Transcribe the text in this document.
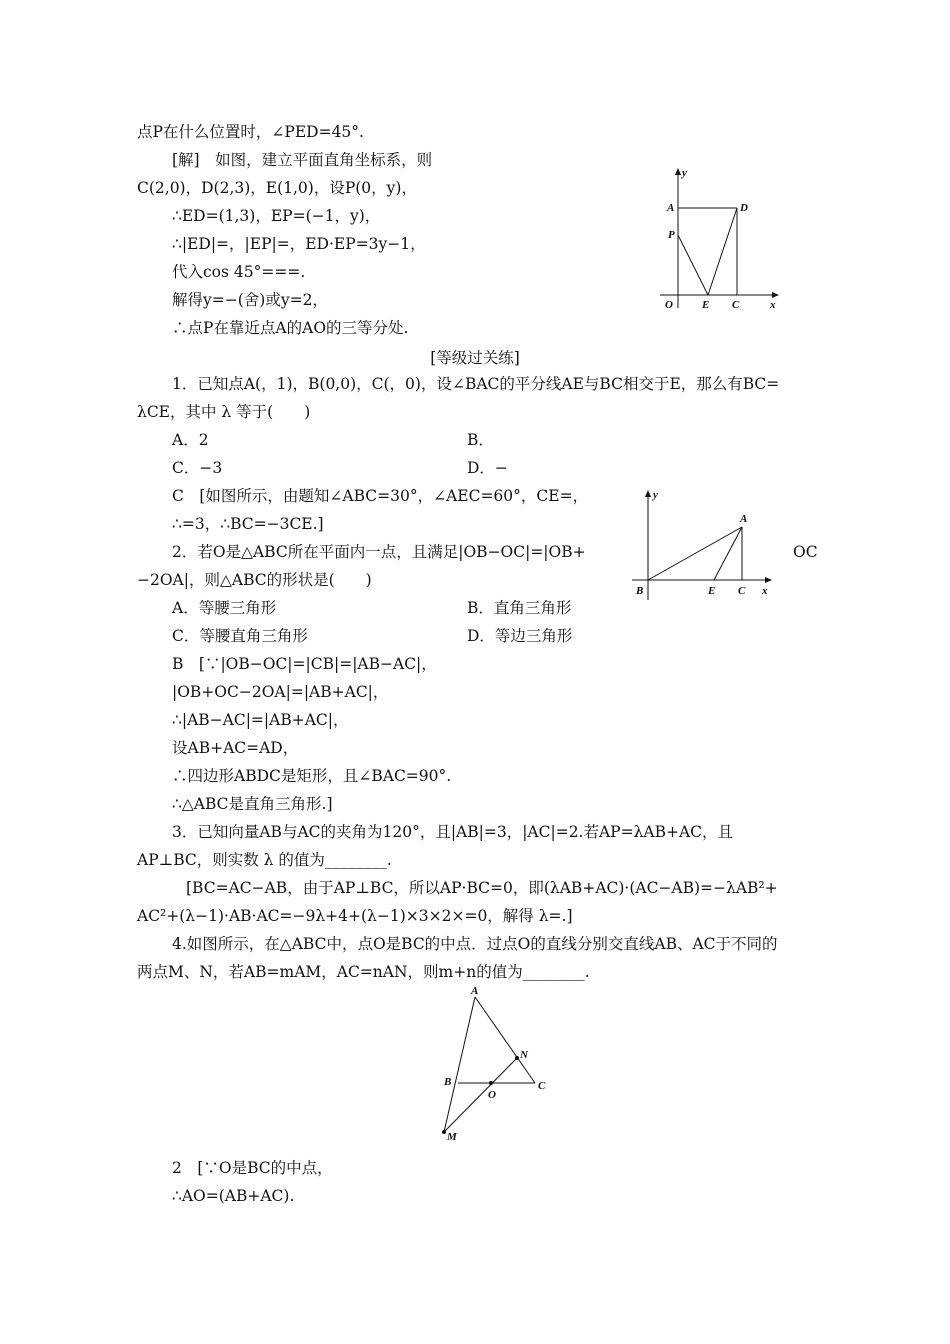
点P在什么位置时，∠PED=45°.
[解]　如图，建立平面直角坐标系，则
C(2,0)，D(2,3)，E(1,0)，设P(0，y)，
∴ED=(1,3)，EP=(−1，y)，
∴|ED|=，|EP|=，ED·EP=3y−1，
代入cos 45°===.
解得y=−(舍)或y=2，
∴点P在靠近点A的AO的三等分处.
y
A	D
P
O	E C	x
[等级过关练]
1．已知点A(，1)，B(0,0)，C(，0)，设∠BAC的平分线AE与BC相交于E，那么有BC=
λCE，其中 λ 等于(　　)
A．2	B．
C．−3	D．−
C　[如图所示，由题知∠ABC=30°，∠AEC=60°，CE=，
∴=3，∴BC=−3CE.]
y
A
B	E C x
2．若O是△ABC所在平面内一点，且满足|OB−OC|=|OB+	OC
−2OA|，则△ABC的形状是(　　)
A．等腰三角形	B．直角三角形
C．等腰直角三角形	D．等边三角形
B　[∵|OB−OC|=|CB|=|AB−AC|，
|OB+OC−2OA|=|AB+AC|，
∴|AB−AC|=|AB+AC|，
设AB+AC=AD，
∴四边形ABDC是矩形，且∠BAC=90°.
∴△ABC是直角三角形.]
3．已知向量AB与AC的夹角为120°，且|AB|=3，|AC|=2.若AP=λAB+AC，且
AP⊥BC，则实数 λ 的值为________.
[BC=AC−AB，由于AP⊥BC，所以AP·BC=0，即(λAB+AC)·(AC−AB)=−λAB²+
AC²+(λ−1)·AB·AC=−9λ+4+(λ−1)×3×2×=0，解得 λ=.]
4.如图所示，在△ABC中，点O是BC的中点．过点O的直线分别交直线AB、AC于不同的
两点M、N，若AB=mAM，AC=nAN，则m+n的值为________.
A
N
B
O
C
M
2　[∵O是BC的中点，
∴AO=(AB+AC).
